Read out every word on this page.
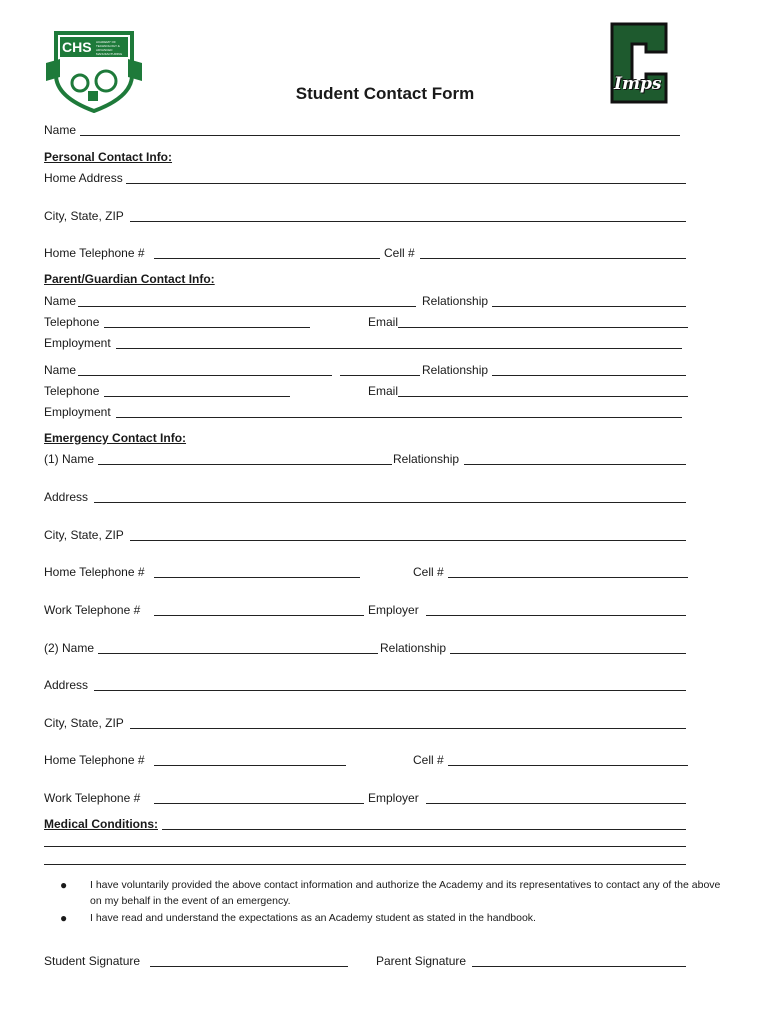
CHS ACADEMY OF TECHNOLOGY & ADVANCED MANUFACTURING
Imps
Student Contact Form
Name
Personal Contact Info:
Home Address
City, State, ZIP
Home Telephone #	Cell #
Parent/Guardian Contact Info:
Name	Relationship
Telephone	Email
Employment
Name	Relationship
Telephone	Email
Employment
Emergency Contact Info:
(1) Name	Relationship
Address
City, State, ZIP
Home Telephone #	Cell #
Work Telephone #	Employer
(2) Name	Relationship
Address
City, State, ZIP
Home Telephone #	Cell #
Work Telephone #	Employer
Medical Conditions:
● I have voluntarily provided the above contact information and authorize the Academy and its representatives to contact any of the above on my behalf in the event of an emergency.
● I have read and understand the expectations as an Academy student as stated in the handbook.
Student Signature	Parent Signature
